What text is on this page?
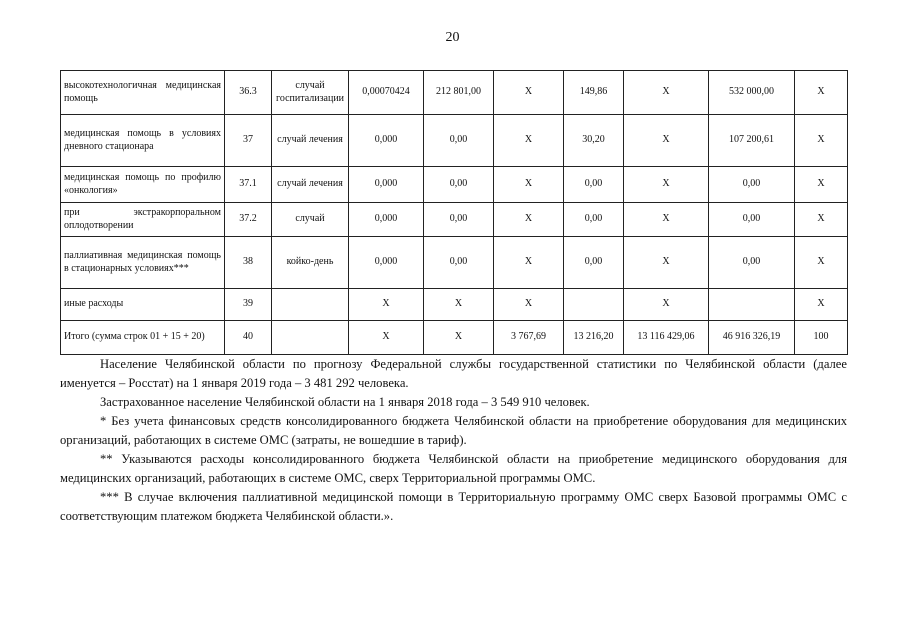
20
высокотехнологичная медицинская помощь	36.3	случай госпитализации	0,00070424	212 801,00	Х	149,86	Х	532 000,00	Х
медицинская помощь в условиях дневного стационара	37	случай лечения	0,000	0,00	Х	30,20	Х	107 200,61	Х
медицинская помощь по профилю «онкология»	37.1	случай лечения	0,000	0,00	Х	0,00	Х	0,00	Х
при экстракорпоральном оплодотворении	37.2	случай	0,000	0,00	Х	0,00	Х	0,00	Х
паллиативная медицинская помощь в стационарных условиях***	38	койко-день	0,000	0,00	Х	0,00	Х	0,00	Х
иные расходы	39		Х	Х	Х		Х		Х
Итого (сумма строк 01 + 15 + 20)	40		Х	Х	3 767,69	13 216,20	13 116 429,06	46 916 326,19	100

Население Челябинской области по прогнозу Федеральной службы государственной статистики по Челябинской области (далее именуется – Росстат) на 1 января 2019 года – 3 481 292 человека.

Застрахованное население Челябинской области на 1 января 2018 года – 3 549 910 человек.

* Без учета финансовых средств консолидированного бюджета Челябинской области на приобретение оборудования для медицинских организаций, работающих в системе ОМС (затраты, не вошедшие в тариф).

** Указываются расходы консолидированного бюджета Челябинской области на приобретение медицинского оборудования для медицинских организаций, работающих в системе ОМС, сверх Территориальной программы ОМС.

*** В случае включения паллиативной медицинской помощи в Территориальную программу ОМС сверх Базовой программы ОМС с соответствующим платежом бюджета Челябинской области.».
